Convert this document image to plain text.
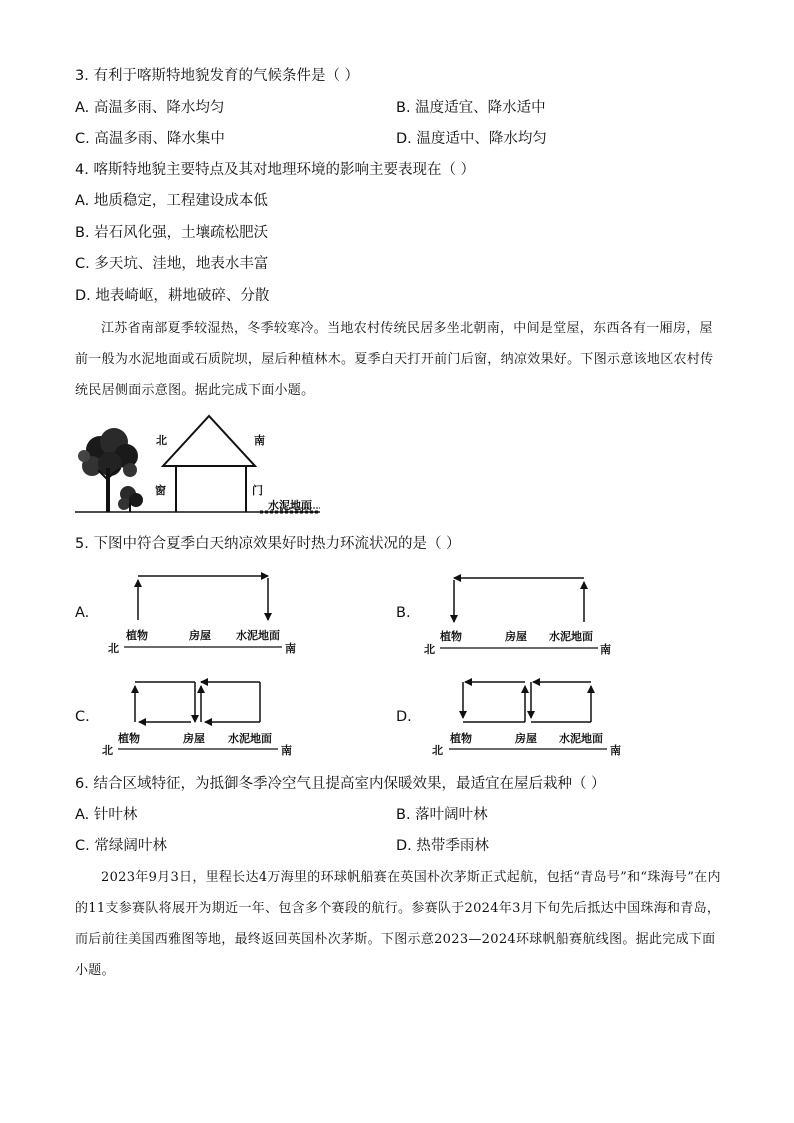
3. 有利于喀斯特地貌发育的气候条件是（ ）
A. 高温多雨、降水均匀	B. 温度适宜、降水适中
C. 高温多雨、降水集中	D. 温度适中、降水均匀
4. 喀斯特地貌主要特点及其对地理环境的影响主要表现在（ ）
A. 地质稳定，工程建设成本低
B. 岩石风化强，土壤疏松肥沃
C. 多天坑、洼地，地表水丰富
D. 地表崎岖，耕地破碎、分散
江苏省南部夏季较湿热，冬季较寒冷。当地农村传统民居多坐北朝南，中间是堂屋，东西各有一厢房，屋前一般为水泥地面或石质院坝，屋后种植林木。夏季白天打开前门后窗，纳凉效果好。下图示意该地区农村传统民居侧面示意图。据此完成下面小题。
北	南
窗	门
水泥地面
5. 下图中符合夏季白天纳凉效果好时热力环流状况的是（ ）
A.	B.
C.	D.
植物	房屋 水泥地面
北	南
植物	房屋 水泥地面
北	南
植物	房屋 水泥地面
北	南
植物	房屋 水泥地面
北	南
6. 结合区域特征，为抵御冬季冷空气且提高室内保暖效果，最适宜在屋后栽种（ ）
A. 针叶林	B. 落叶阔叶林
C. 常绿阔叶林	D. 热带季雨林
2023年9月3日，里程长达4万海里的环球帆船赛在英国朴次茅斯正式起航，包括“青岛号”和“珠海号”在内的11支参赛队将展开为期近一年、包含多个赛段的航行。参赛队于2024年3月下旬先后抵达中国珠海和青岛，而后前往美国西雅图等地，最终返回英国朴次茅斯。下图示意2023—2024环球帆船赛航线图。据此完成下面小题。
